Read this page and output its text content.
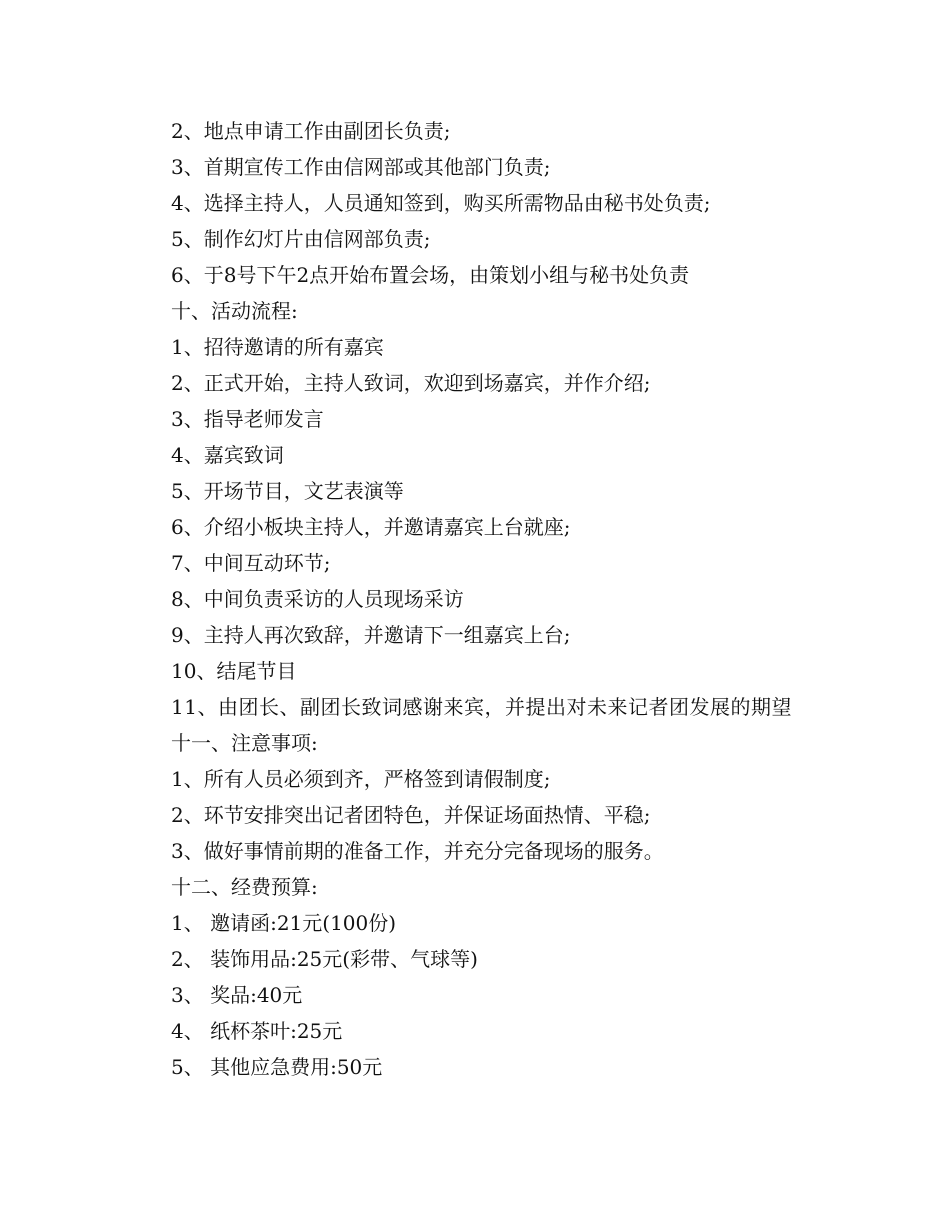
2、地点申请工作由副团长负责;
3、首期宣传工作由信网部或其他部门负责;
4、选择主持人，人员通知签到，购买所需物品由秘书处负责;
5、制作幻灯片由信网部负责;
6、于8号下午2点开始布置会场，由策划小组与秘书处负责
十、活动流程:
1、招待邀请的所有嘉宾
2、正式开始，主持人致词，欢迎到场嘉宾，并作介绍;
3、指导老师发言
4、嘉宾致词
5、开场节目，文艺表演等
6、介绍小板块主持人，并邀请嘉宾上台就座;
7、中间互动环节;
8、中间负责采访的人员现场采访
9、主持人再次致辞，并邀请下一组嘉宾上台;
10、结尾节目
11、由团长、副团长致词感谢来宾，并提出对未来记者团发展的期望
十一、注意事项:
1、所有人员必须到齐，严格签到请假制度;
2、环节安排突出记者团特色，并保证场面热情、平稳;
3、做好事情前期的准备工作，并充分完备现场的服务。
十二、经费预算:
1、 邀请函:21元(100份)
2、 装饰用品:25元(彩带、气球等)
3、 奖品:40元
4、 纸杯茶叶:25元
5、 其他应急费用:50元
